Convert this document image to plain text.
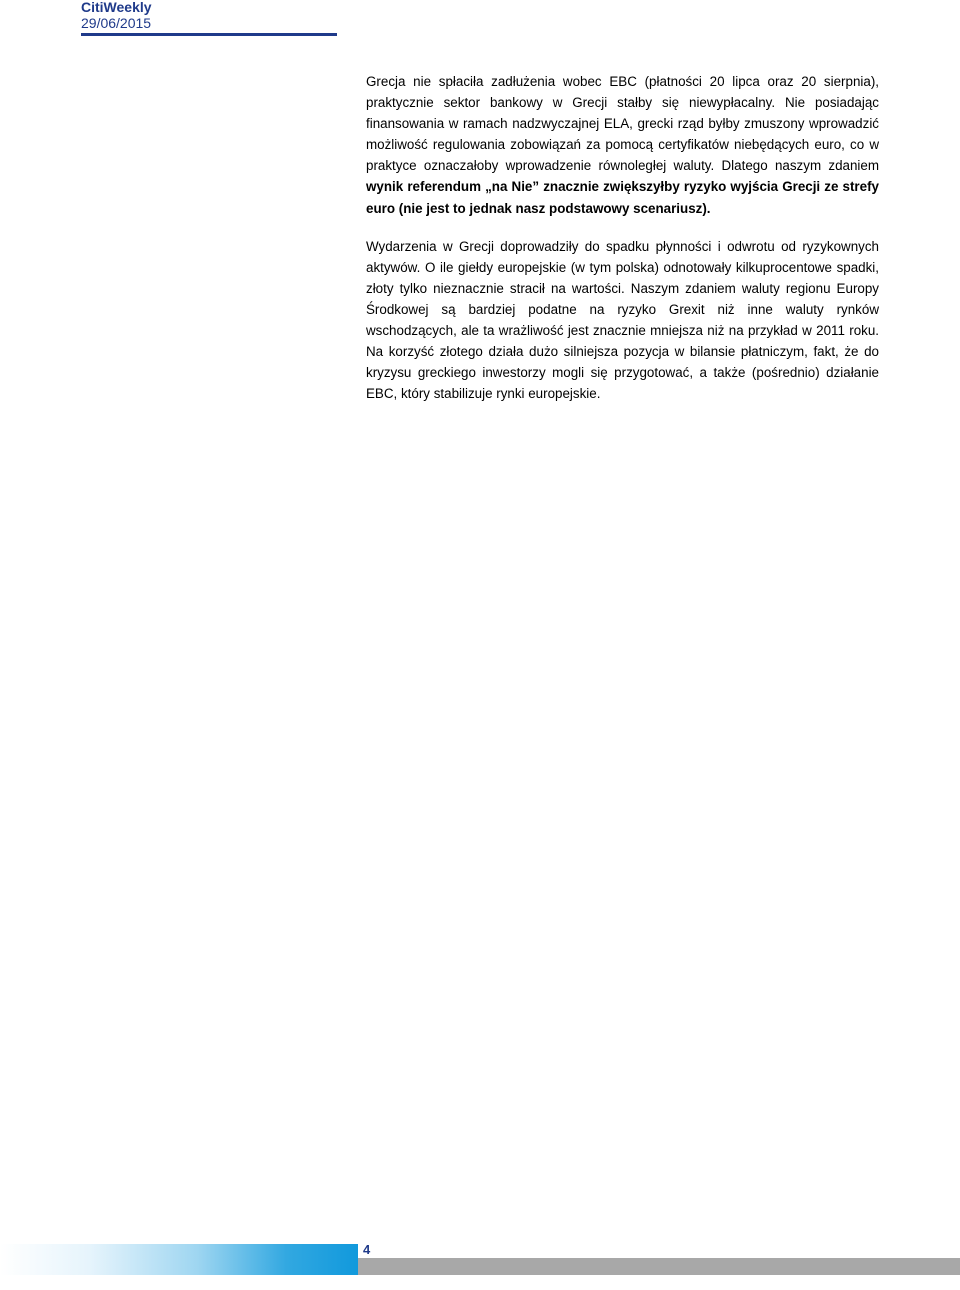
CitiWeekly
29/06/2015

Grecja nie spłaciła zadłużenia wobec EBC (płatności 20 lipca oraz 20 sierpnia), praktycznie sektor bankowy w Grecji stałby się niewypłacalny. Nie posiadając finansowania w ramach nadzwyczajnej ELA, grecki rząd byłby zmuszony wprowadzić możliwość regulowania zobowiązań za pomocą certyfikatów niebędących euro, co w praktyce oznaczałoby wprowadzenie równoległej waluty. Dlatego naszym zdaniem wynik referendum „na Nie” znacznie zwiększyłby ryzyko wyjścia Grecji ze strefy euro (nie jest to jednak nasz podstawowy scenariusz).

Wydarzenia w Grecji doprowadziły do spadku płynności i odwrotu od ryzykownych aktywów. O ile giełdy europejskie (w tym polska) odnotowały kilkuprocentowe spadki, złoty tylko nieznacznie stracił na wartości. Naszym zdaniem waluty regionu Europy Środkowej są bardziej podatne na ryzyko Grexit niż inne waluty rynków wschodzących, ale ta wrażliwość jest znacznie mniejsza niż na przykład w 2011 roku. Na korzyść złotego działa dużo silniejsza pozycja w bilansie płatniczym, fakt, że do kryzysu greckiego inwestorzy mogli się przygotować, a także (pośrednio) działanie EBC, który stabilizuje rynki europejskie.

4
